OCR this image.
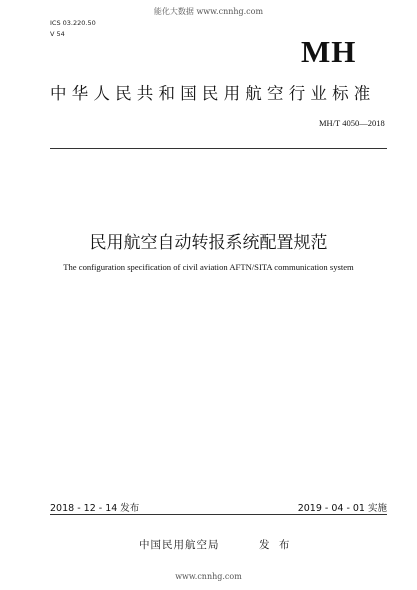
能化大数据 www.cnnhg.com
ICS 03.220.50
V 54	MH
中华人民共和国民用航空行业标准
MH/T 4050—2018
民用航空自动转报系统配置规范
The configuration specification of civil aviation AFTN/SITA communication system
2018 - 12 - 14 发布	2019 - 04 - 01 实施
中国民用航空局	发 布
www.cnnhg.com
